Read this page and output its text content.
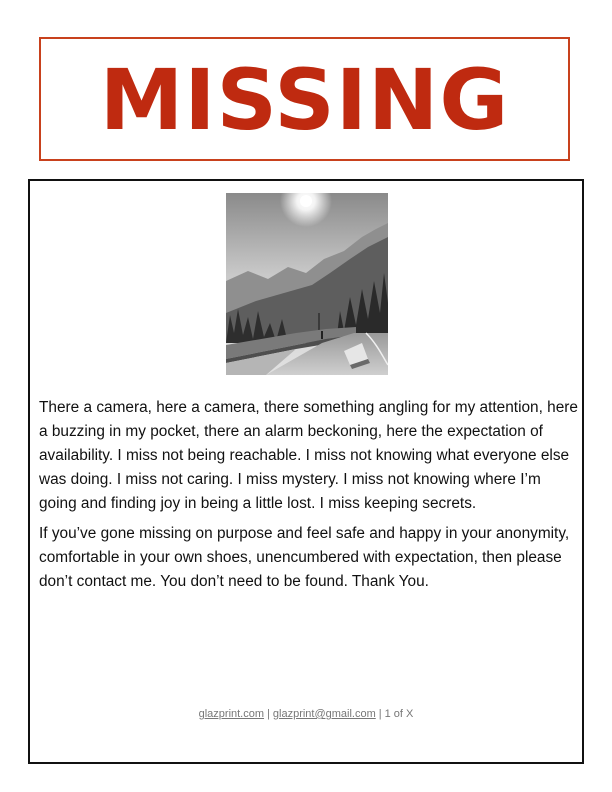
MISSING

There a camera, here a camera, there something angling for my attention, here a buzzing in my pocket, there an alarm beckoning, here the expectation of availability. I miss not being reachable. I miss not knowing what everyone else was doing. I miss not caring. I miss mystery. I miss not knowing where I’m going and finding joy in being a little lost. I miss keeping secrets.

If you’ve gone missing on purpose and feel safe and happy in your anonymity, comfortable in your own shoes, unencumbered with expectation, then please don’t contact me. You don’t need to be found. Thank You.

glazprint.com | glazprint@gmail.com | 1 of X
